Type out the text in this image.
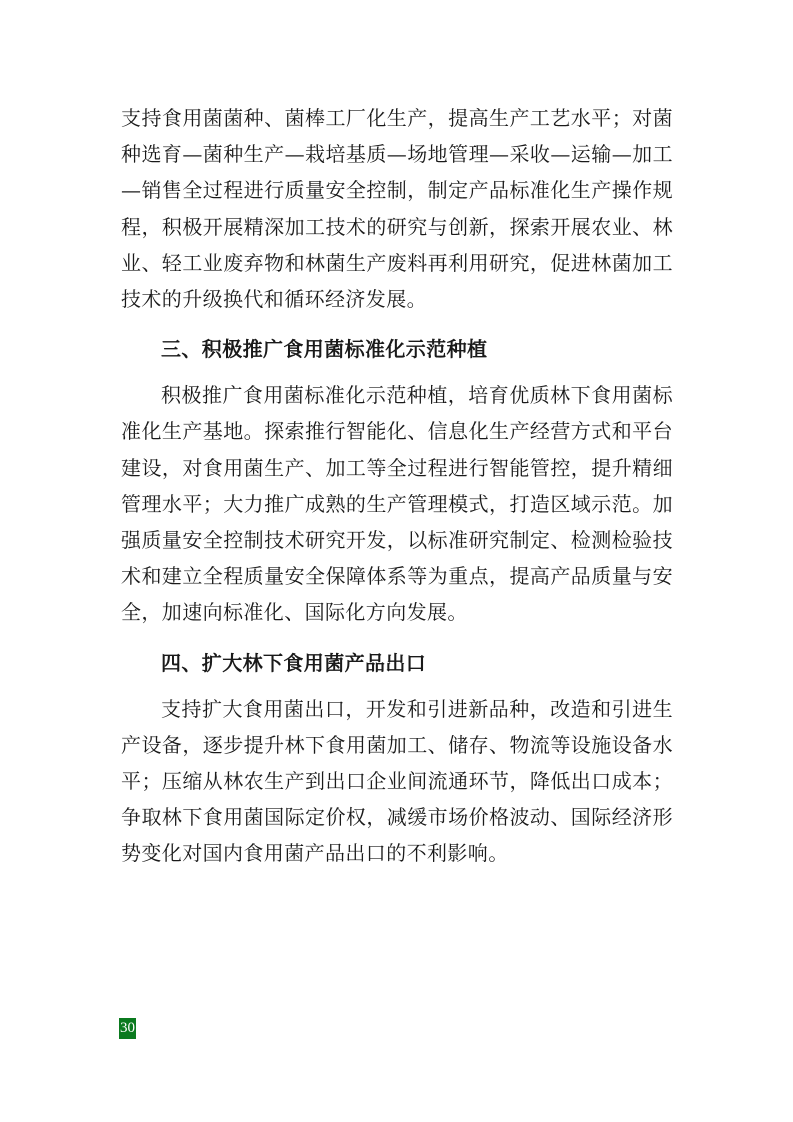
支持食用菌菌种、菌棒工厂化生产，提高生产工艺水平；对菌种选育—菌种生产—栽培基质—场地管理—采收—运输—加工—销售全过程进行质量安全控制，制定产品标准化生产操作规程，积极开展精深加工技术的研究与创新，探索开展农业、林业、轻工业废弃物和林菌生产废料再利用研究，促进林菌加工技术的升级换代和循环经济发展。

三、积极推广食用菌标准化示范种植

积极推广食用菌标准化示范种植，培育优质林下食用菌标准化生产基地。探索推行智能化、信息化生产经营方式和平台建设，对食用菌生产、加工等全过程进行智能管控，提升精细管理水平；大力推广成熟的生产管理模式，打造区域示范。加强质量安全控制技术研究开发，以标准研究制定、检测检验技术和建立全程质量安全保障体系等为重点，提高产品质量与安全，加速向标准化、国际化方向发展。

四、扩大林下食用菌产品出口

支持扩大食用菌出口，开发和引进新品种，改造和引进生产设备，逐步提升林下食用菌加工、储存、物流等设施设备水平；压缩从林农生产到出口企业间流通环节，降低出口成本；争取林下食用菌国际定价权，减缓市场价格波动、国际经济形势变化对国内食用菌产品出口的不利影响。

30
